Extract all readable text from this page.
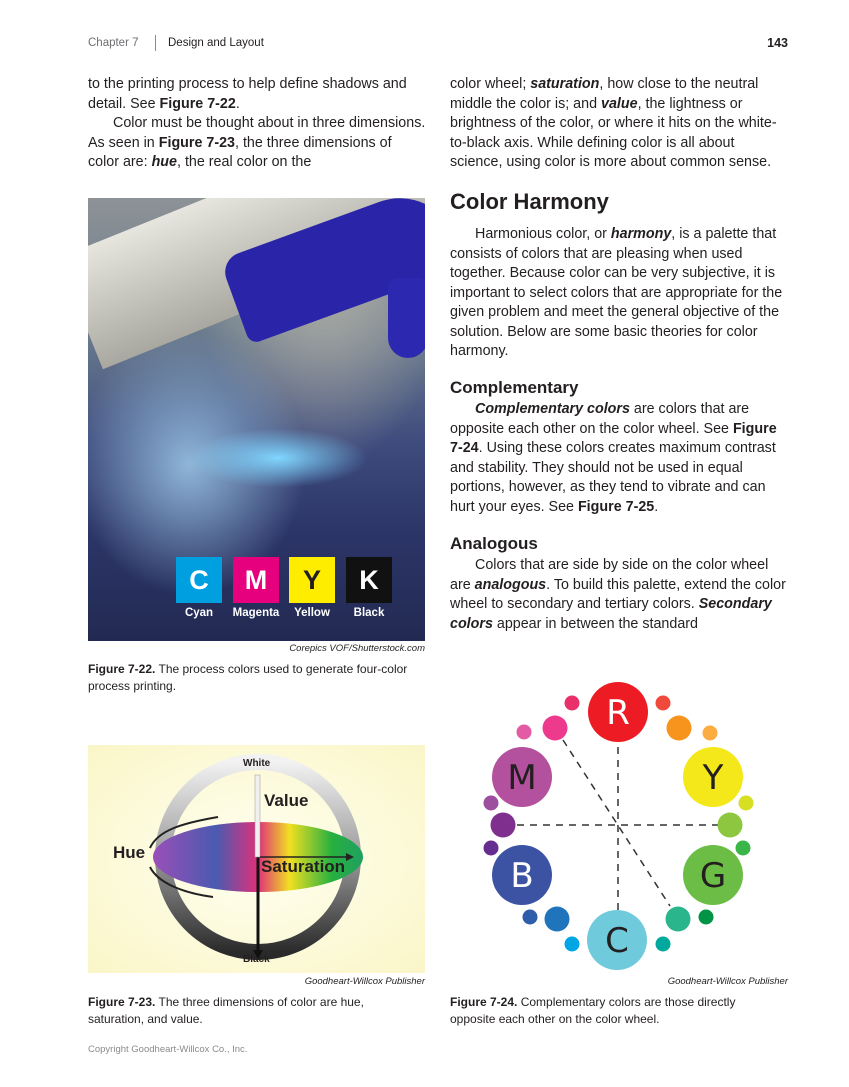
Chapter 7	Design and Layout	143

to the printing process to help define shadows and detail. See Figure 7-22.

Color must be thought about in three dimensions. As seen in Figure 7-23, the three dimensions of color are: hue, the real color on the

color wheel; saturation, how close to the neutral middle the color is; and value, the lightness or brightness of the color, or where it hits on the white-to-black axis. While defining color is all about science, using color is more about common sense.

Color Harmony

Harmonious color, or harmony, is a palette that consists of colors that are pleasing when used together. Because color can be very subjective, it is important to select colors that are appropriate for the given problem and meet the general objective of the solution. Below are some basic theories for color harmony.

Complementary

Complementary colors are colors that are opposite each other on the color wheel. See Figure 7-24. Using these colors creates maximum contrast and stability. They should not be used in equal portions, however, as they tend to vibrate and can hurt your eyes. See Figure 7-25.

Analogous

Colors that are side by side on the color wheel are analogous. To build this palette, extend the color wheel to secondary and tertiary colors. Secondary colors appear in between the standard

C	M	Y	K
Cyan	Magenta	Yellow	Black
Corepics VOF/Shutterstock.com
Figure 7-22. The process colors used to generate four-color process printing.
White
Value
Hue
Saturation
Black
Goodheart-Willcox Publisher
Figure 7-23. The three dimensions of color are hue, saturation, and value.
R
Y
G
C
B
M
Goodheart-Willcox Publisher
Figure 7-24. Complementary colors are those directly opposite each other on the color wheel.
Copyright Goodheart-Willcox Co., Inc.
